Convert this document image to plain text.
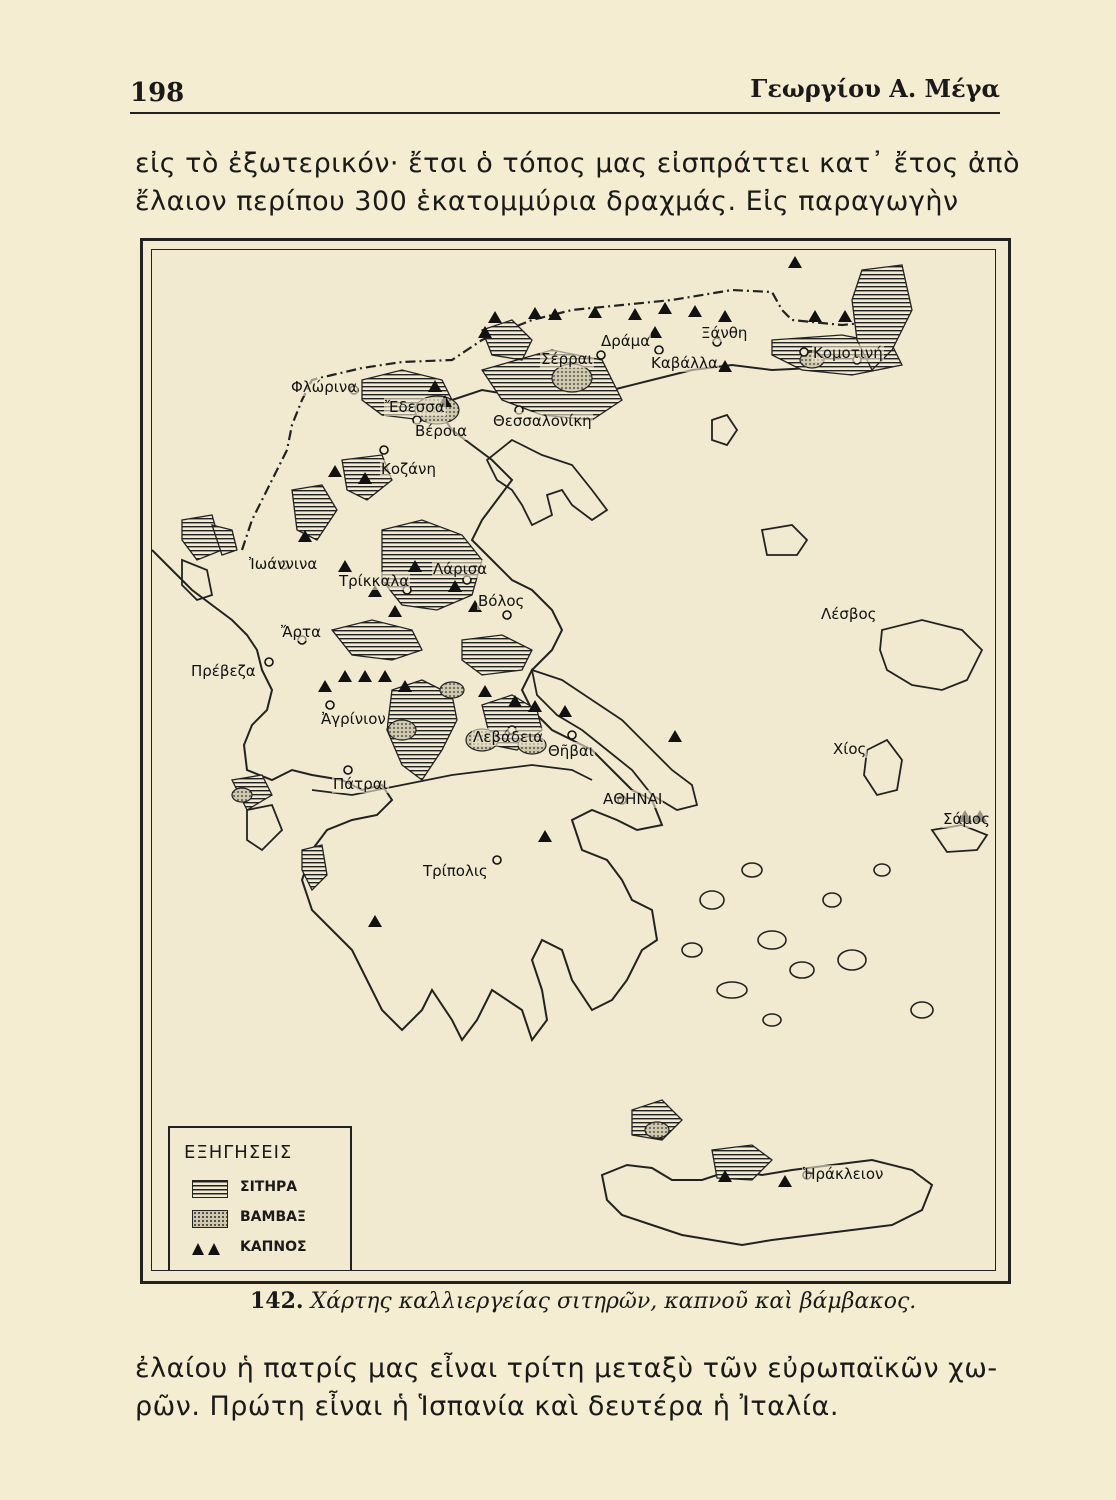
198	Γεωργίου Α. Μέγα
εἰς τὸ ἐξωτερικόν· ἔτσι ὁ τόπος μας εἰσπράττει κατ᾿ ἔτος ἀπὸ
ἔλαιον περίπου 300 ἑκατομμύρια δραχμάς. Εἰς παραγωγὴν
Φλώρινα
Ἔδεσσα
Βέροια
Κοζάνη
Θεσσαλονίκη
Σέρραι
Δράμα	Ξάνθη
Καβάλλα
Κομοτινή
Ἰωάννινα
Τρίκκαλα
Λάρισα
Βόλος
Ἄρτα
Πρέβεζα
Ἀγρίνιον
Λέσβος
Λεβάδεια
Θῆβαι
ΑΘΗΝΑΙ
Πάτραι
Χίος
Σάμος
Τρίπολις
Ἡράκλειον
ΕΞΗΓΗΣΕΙΣ
ΣΙΤΗΡΑ
ΒΑΜΒΑΞ
ΚΑΠΝΟΣ
142. Χάρτης καλλιεργείας σιτηρῶν, καπνοῦ καὶ βάμβακος.
ἐλαίου ἡ πατρίς μας εἶναι τρίτη μεταξὺ τῶν εὐρωπαϊκῶν χω-
ρῶν. Πρώτη εἶναι ἡ Ἱσπανία καὶ δευτέρα ἡ Ἰταλία.
